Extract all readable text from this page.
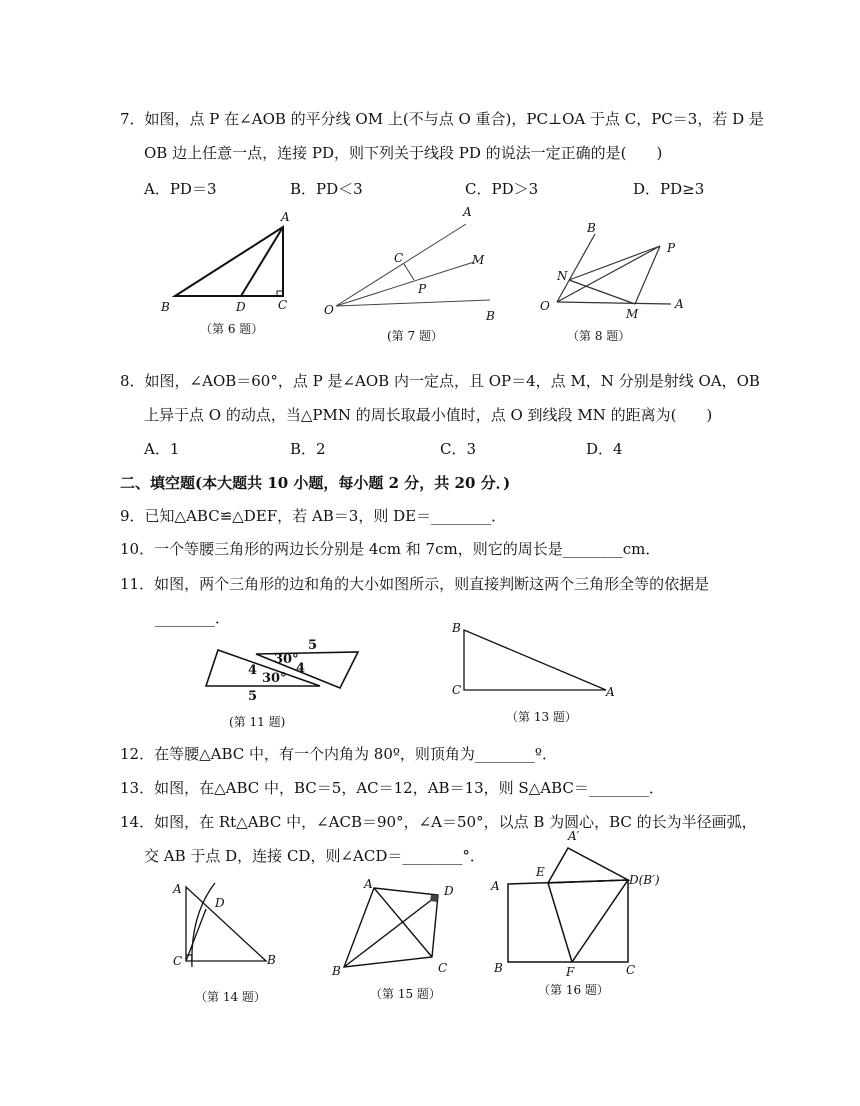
7．如图，点 P 在∠AOB 的平分线 OM 上(不与点 O 重合)，PC⊥OA 于点 C，PC＝3，若 D 是
OB 边上任意一点，连接 PD，则下列关于线段 PD 的说法一定正确的是(　　)
A．PD＝3	B．PD＜3	C．PD＞3	D．PD≥3
A
B	D	C
（第 6 题）
A
C	M
P
O	B
(第 7 题）
B
P
N
O
M
A
（第 8 题）
8．如图，∠AOB＝60°，点 P 是∠AOB 内一定点，且 OP＝4，点 M，N 分别是射线 OA，OB
上异于点 O 的动点，当△PMN 的周长取最小值时，点 O 到线段 MN 的距离为(　　)
A．1	B．2	C．3	D．4
二、填空题(本大题共 10 小题，每小题 2 分，共 20 分．)
9．已知△ABC≌△DEF，若 AB＝3，则 DE＝________．
10．一个等腰三角形的两边长分别是 4cm 和 7cm，则它的周长是________cm．
11．如图，两个三角形的边和角的大小如图所示，则直接判断这两个三角形全等的依据是
________．
5
30°
4	4
30°
5
(第 11 题)
B
C	A
（第 13 题）
12．在等腰△ABC 中，有一个内角为 80º，则顶角为________º．
13．如图，在△ABC 中，BC＝5，AC＝12，AB＝13，则 S△ABC＝________．
14．如图，在 Rt△ABC 中，∠ACB＝90°，∠A＝50°，以点 B 为圆心，BC 的长为半径画弧，
交 AB 于点 D，连接 CD，则∠ACD＝________°．
A
D
C	B
（第 14 题）
A	D
B	C
（第 15 题）
A′
E
D(B′)
A
B	F	C
（第 16 题）
